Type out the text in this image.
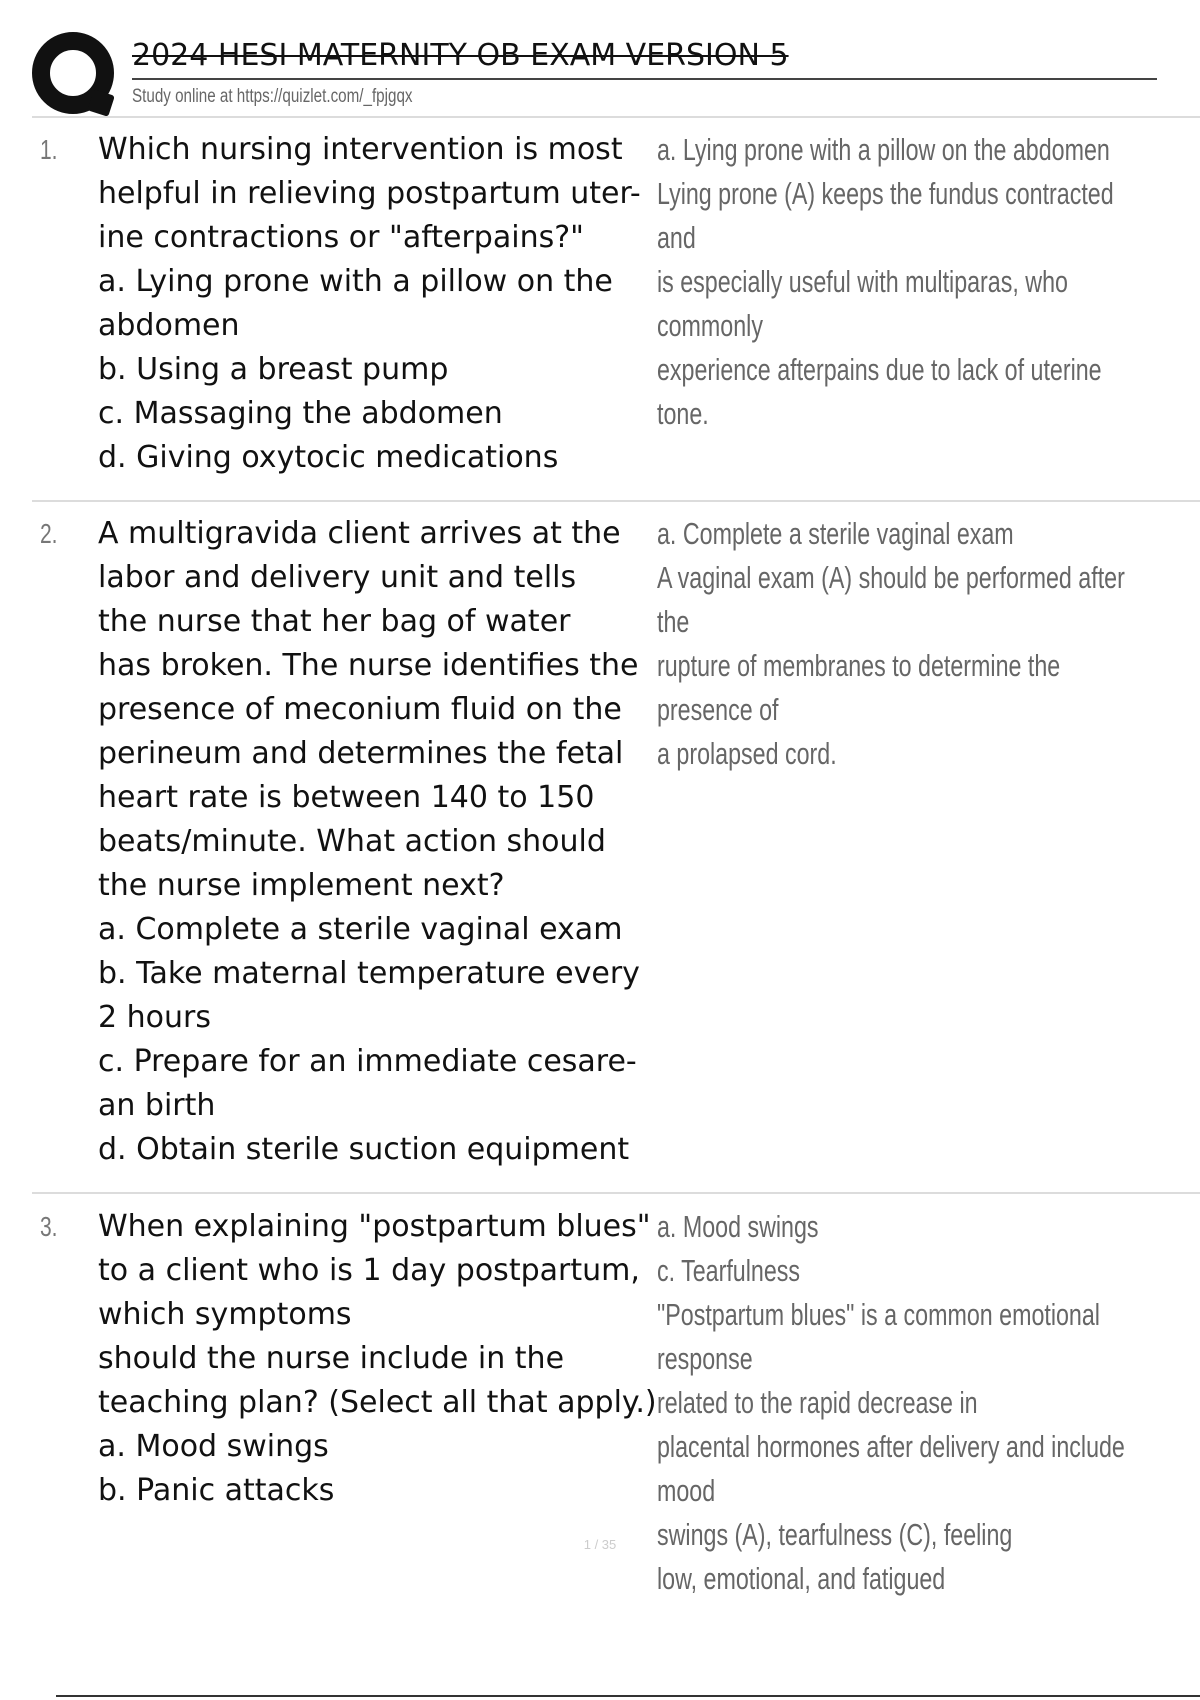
2024 HESI MATERNITY OB EXAM VERSION 5
Study online at https://quizlet.com/_fpjgqx
1. Which nursing intervention is most

helpful in relieving postpartum uter-

ine contractions or "afterpains?"

a. Lying prone with a pillow on the

abdomen

b. Using a breast pump

c. Massaging the abdomen

d. Giving oxytocic medications

a. Lying prone with a pillow on the abdomen

Lying prone (A) keeps the fundus contracted and

is especially useful with multiparas, who commonly

experience afterpains due to lack of uterine tone.

2. A multigravida client arrives at the

labor and delivery unit and tells

the nurse that her bag of water

has broken. The nurse identifies the

presence of meconium fluid on the

perineum and determines the fetal

heart rate is between 140 to 150

beats/minute. What action should

the nurse implement next?

a. Complete a sterile vaginal exam

b. Take maternal temperature every

2 hours

c. Prepare for an immediate cesare-

an birth

d. Obtain sterile suction equipment

a. Complete a sterile vaginal exam

A vaginal exam (A) should be performed after the

rupture of membranes to determine the presence of

a prolapsed cord.

3. When explaining "postpartum blues"

to a client who is 1 day postpartum,

which symptoms

should the nurse include in the

teaching plan? (Select all that apply.)

a. Mood swings

b. Panic attacks

a. Mood swings

c. Tearfulness

"Postpartum blues" is a common emotional response

related to the rapid decrease in

placental hormones after delivery and include mood

swings (A), tearfulness (C), feeling

low, emotional, and fatigued

1 / 35
